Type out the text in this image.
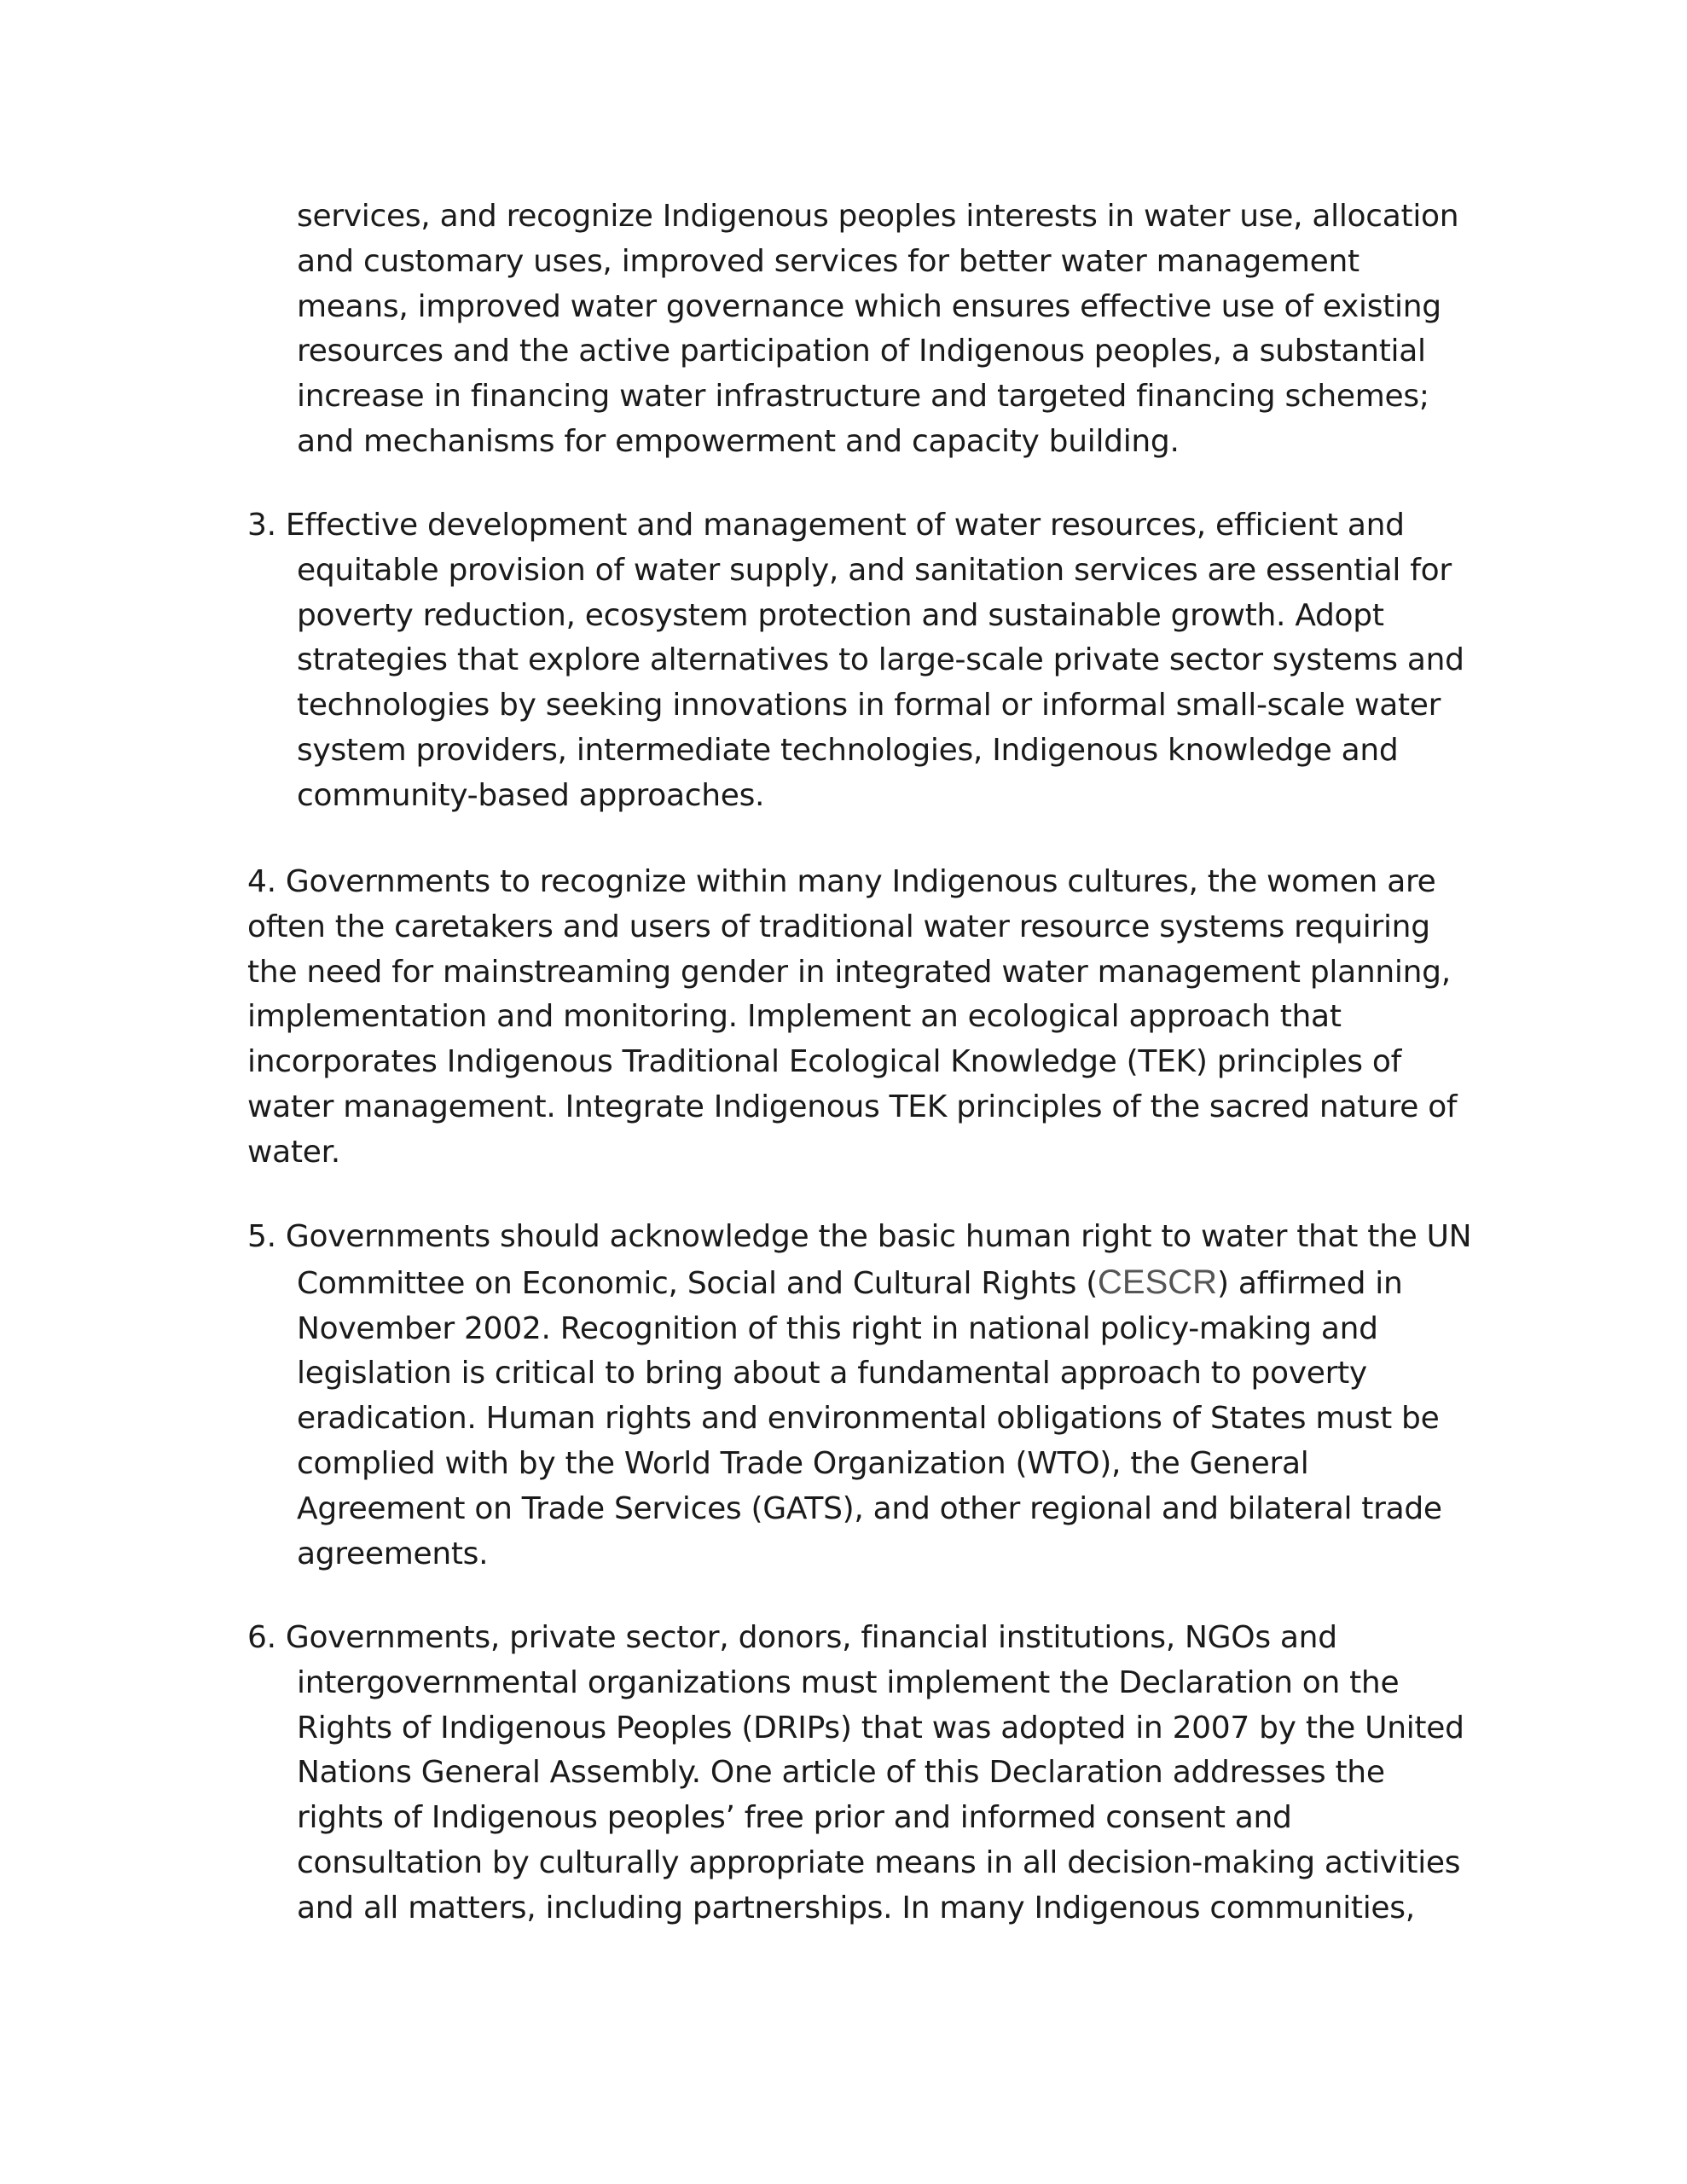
services, and recognize Indigenous peoples interests in water use, allocation
and customary uses, improved services for better water management
means, improved water governance which ensures effective use of existing
resources and the active participation of Indigenous peoples, a substantial
increase in financing water infrastructure and targeted financing schemes;
and mechanisms for empowerment and capacity building.

3. Effective development and management of water resources, efficient and
equitable provision of water supply, and sanitation services are essential for
poverty reduction, ecosystem protection and sustainable growth. Adopt
strategies that explore alternatives to large-scale private sector systems and
technologies by seeking innovations in formal or informal small-scale water
system providers, intermediate technologies, Indigenous knowledge and
community-based approaches.

4. Governments to recognize within many Indigenous cultures, the women are
often the caretakers and users of traditional water resource systems requiring
the need for mainstreaming gender in integrated water management planning,
implementation and monitoring. Implement an ecological approach that
incorporates Indigenous Traditional Ecological Knowledge (TEK) principles of
water management. Integrate Indigenous TEK principles of the sacred nature of
water.

5. Governments should acknowledge the basic human right to water that the UN
Committee on Economic, Social and Cultural Rights (CESCR) affirmed in
November 2002. Recognition of this right in national policy-making and
legislation is critical to bring about a fundamental approach to poverty
eradication. Human rights and environmental obligations of States must be
complied with by the World Trade Organization (WTO), the General
Agreement on Trade Services (GATS), and other regional and bilateral trade
agreements.

6. Governments, private sector, donors, financial institutions, NGOs and
intergovernmental organizations must implement the Declaration on the
Rights of Indigenous Peoples (DRIPs) that was adopted in 2007 by the United
Nations General Assembly. One article of this Declaration addresses the
rights of Indigenous peoples’ free prior and informed consent and
consultation by culturally appropriate means in all decision-making activities
and all matters, including partnerships. In many Indigenous communities,
